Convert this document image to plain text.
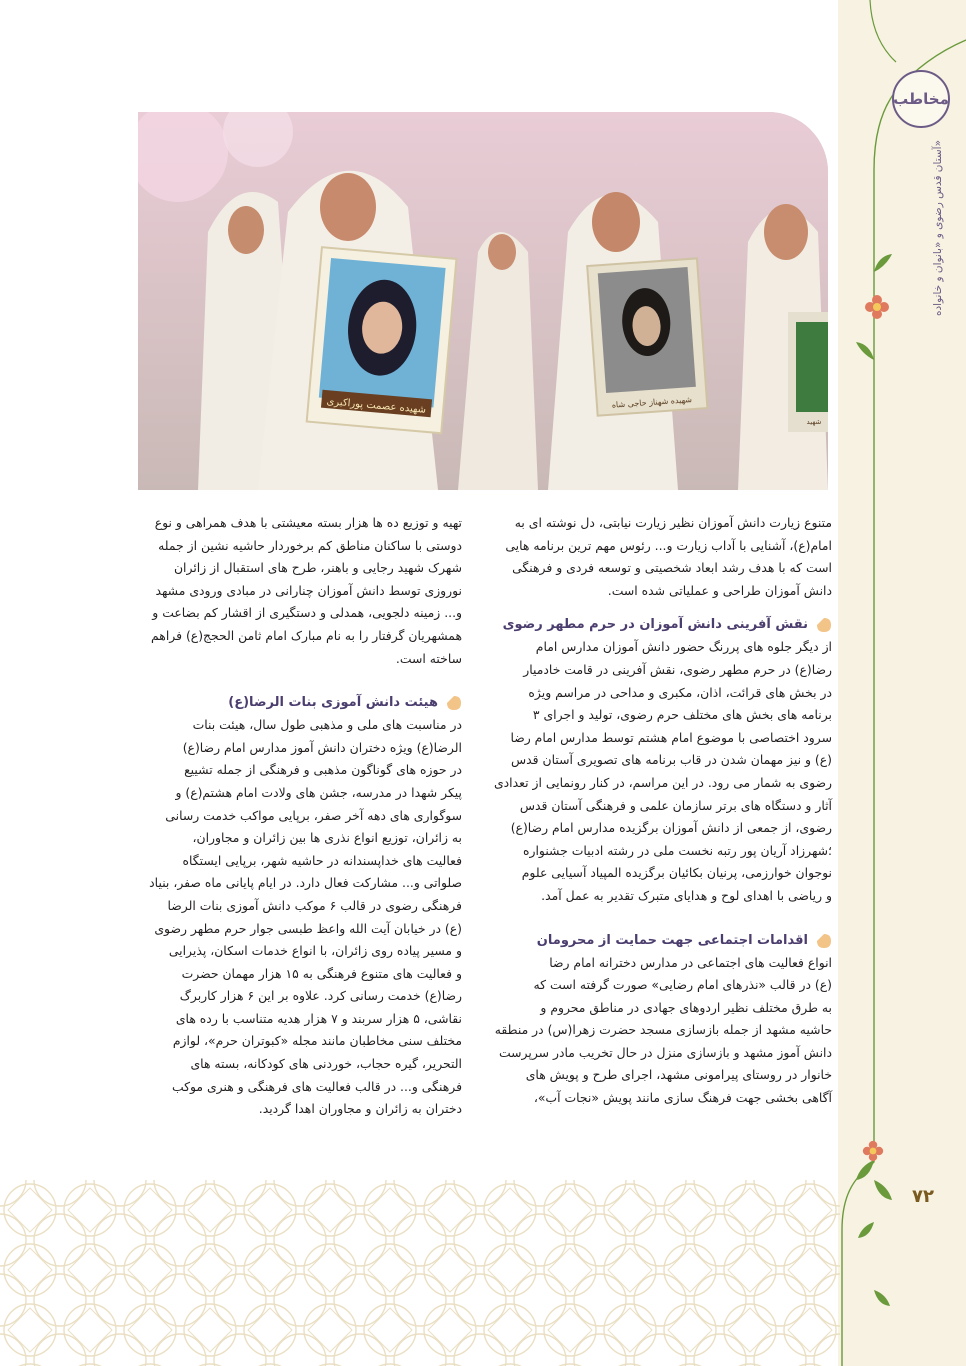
مخاطب
آستان قدس رضوی و «بانوان و خانواده»
۷۲
شهیده عصمت پوراکبری	شهیده شهناز حاجی شاه
شهید

متنوع زیارت دانش آموزان نظیر زیارت نیابتی، دل نوشته ای به

امام(ع)، آشنایی با آداب زیارت و... رئوس مهم ترین برنامه هایی

است که با هدف رشد ابعاد شخصیتی و توسعه فردی و فرهنگی

دانش آموزان طراحی و عملیاتی شده است.

نقش آفرینی دانش آموزان در حرم مطهر رضوی

از دیگر جلوه های پررنگ حضور دانش آموزان مدارس امام

رضا(ع) در حرم مطهر رضوی، نقش آفرینی در قامت خادمیار

در بخش های قرائت، اذان، مکبری و مداحی در مراسم ویژه

برنامه های بخش های مختلف حرم رضوی، تولید و اجرای ۳

سرود اختصاصی با موضوع امام هشتم توسط مدارس امام رضا

(ع) و نیز مهمان شدن در قاب برنامه های تصویری آستان قدس

رضوی به شمار می رود. در این مراسم، در کنار رونمایی از تعدادی

آثار و دستگاه های برتر سازمان علمی و فرهنگی آستان قدس

رضوی، از جمعی از دانش آموزان برگزیده مدارس امام رضا(ع)

؛شهرزاد آریان پور رتبه نخست ملی در رشته ادبیات جشنواره

نوجوان خوارزمی، پرنیان بکائیان برگزیده المپیاد آسیایی علوم

و ریاضی با اهدای لوح و هدایای متبرک تقدیر به عمل آمد.

اقدامات اجتماعی جهت حمایت از محرومان

انواع فعالیت های اجتماعی در مدارس دخترانه امام رضا

(ع) در قالب «نذرهای امام رضایی» صورت گرفته است که

به طرق مختلف نظیر اردوهای جهادی در مناطق محروم و

حاشیه مشهد از جمله بازسازی مسجد حضرت زهرا(س) در منطقه

دانش آموز مشهد و بازسازی منزل در حال تخریب مادر سرپرست

خانوار در روستای پیرامونی مشهد، اجرای طرح و پویش های

آگاهی بخشی جهت فرهنگ سازی مانند پویش «نجات آب»،

تهیه و توزیع ده ها هزار بسته معیشتی با هدف همراهی و نوع

دوستی با ساکنان مناطق کم برخوردار حاشیه نشین از جمله

شهرک شهید رجایی و باهنر، طرح های استقبال از زائران

نوروزی توسط دانش آموزان چنارانی در مبادی ورودی مشهد

و... زمینه دلجویی، همدلی و دستگیری از اقشار کم بضاعت و

همشهریان گرفتار را به نام مبارک امام ثامن الحجج(ع) فراهم

ساخته است.

هیئت دانش آموزی بنات الرضا(ع)

در مناسبت های ملی و مذهبی طول سال، هیئت بنات

الرضا(ع) ویژه دختران دانش آموز مدارس امام رضا(ع)

در حوزه های گوناگون مذهبی و فرهنگی از جمله تشییع

پیکر شهدا در مدرسه، جشن های ولادت امام هشتم(ع) و

سوگواری های دهه آخر صفر، برپایی مواکب خدمت رسانی

به زائران، توزیع انواع نذری ها بین زائران و مجاوران،

فعالیت های خداپسندانه در حاشیه شهر، برپایی ایستگاه

صلواتی و... مشارکت فعال دارد. در ایام پایانی ماه صفر، بنیاد

فرهنگی رضوی در قالب ۶ موکب دانش آموزی بنات الرضا

(ع) در خیابان آیت الله واعظ طبسی جوار حرم مطهر رضوی

و مسیر پیاده روی زائران، با انواع خدمات اسکان، پذیرایی

و فعالیت های متنوع فرهنگی به ۱۵ هزار مهمان حضرت

رضا(ع) خدمت رسانی کرد. علاوه بر این ۶ هزار کاربرگ

نقاشی، ۵ هزار سربند و ۷ هزار هدیه متناسب با رده های

مختلف سنی مخاطبان مانند مجله «کبوتران حرم»، لوازم

التحریر، گیره حجاب، خوردنی های کودکانه، بسته های

فرهنگی و... در قالب فعالیت های فرهنگی و هنری موکب

دختران به زائران و مجاوران اهدا گردید.
